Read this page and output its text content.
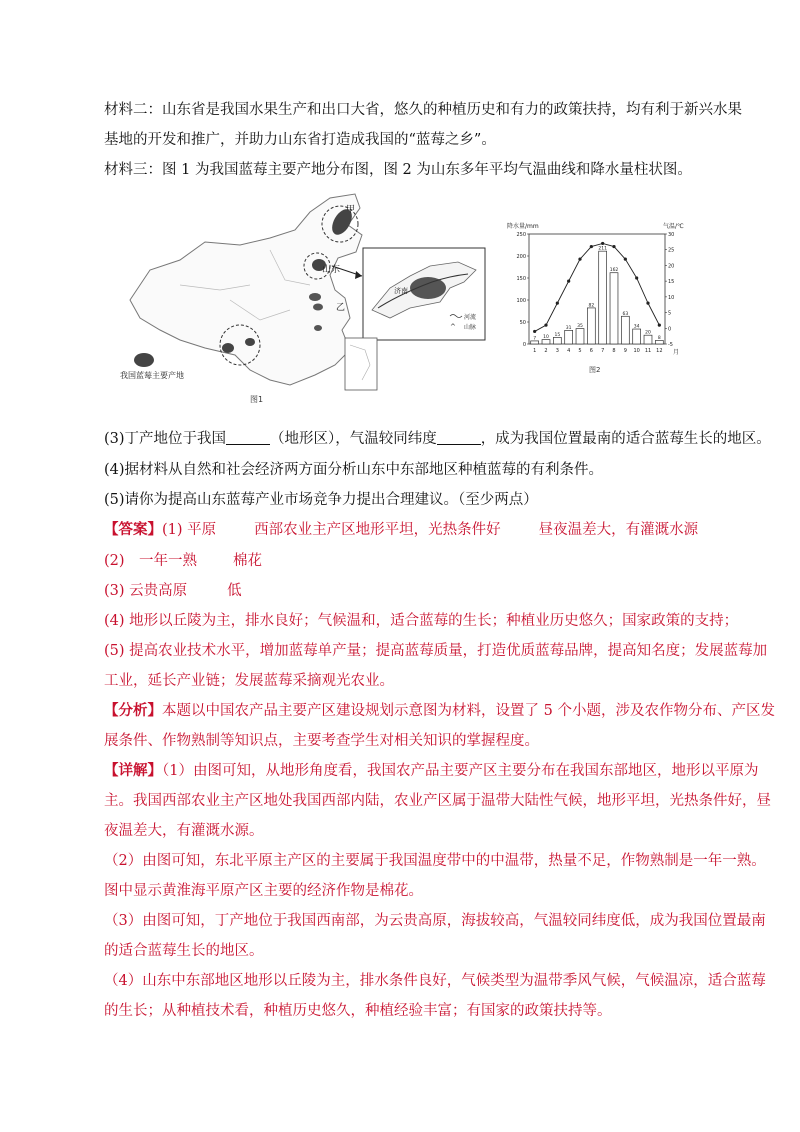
材料二：山东省是我国水果生产和出口大省，悠久的种植历史和有力的政策扶持，均有利于新兴水果
基地的开发和推广，并助力山东省打造成我国的“蓝莓之乡”。
材料三：图 1 为我国蓝莓主要产地分布图，图 2 为山东多年平均气温曲线和降水量柱状图。
甲
山东
乙
济南
河流
^ 山脉
我国蓝莓主要产地
图1
降水量/mm	气温/℃
0
50
100
150
200
250
-5
0
5
10
15
20
25
30
7 10 15
31 35
82
211
162
63
34
20
8
1 2 3 4 5 6 7 8 9 10 11 12 月
图2
(3)丁产地位于我国	（地形区），气温较同纬度	，成为我国位置最南的适合蓝莓生长的地区。
(4)据材料从自然和社会经济两方面分析山东中东部地区种植蓝莓的有利条件。
(5)请你为提高山东蓝莓产业市场竞争力提出合理建议。（至少两点）
【答案】(1) 平原	西部农业主产区地形平坦，光热条件好	昼夜温差大，有灌溉水源
(2)　一年一熟 棉花
(3) 云贵高原	低
(4) 地形以丘陵为主，排水良好；气候温和，适合蓝莓的生长；种植业历史悠久；国家政策的支持；
(5) 提高农业技术水平，增加蓝莓单产量；提高蓝莓质量，打造优质蓝莓品牌，提高知名度；发展蓝莓加
工业，延长产业链；发展蓝莓采摘观光农业。
【分析】本题以中国农产品主要产区建设规划示意图为材料，设置了 5 个小题，涉及农作物分布、产区发
展条件、作物熟制等知识点，主要考查学生对相关知识的掌握程度。
【详解】（1）由图可知，从地形角度看，我国农产品主要产区主要分布在我国东部地区，地形以平原为
主。我国西部农业主产区地处我国西部内陆，农业产区属于温带大陆性气候，地形平坦，光热条件好，昼
夜温差大，有灌溉水源。
（2）由图可知，东北平原主产区的主要属于我国温度带中的中温带，热量不足，作物熟制是一年一熟。
图中显示黄淮海平原产区主要的经济作物是棉花。
（3）由图可知，丁产地位于我国西南部，为云贵高原，海拔较高，气温较同纬度低，成为我国位置最南
的适合蓝莓生长的地区。
（4）山东中东部地区地形以丘陵为主，排水条件良好，气候类型为温带季风气候，气候温凉，适合蓝莓
的生长；从种植技术看，种植历史悠久，种植经验丰富；有国家的政策扶持等。
